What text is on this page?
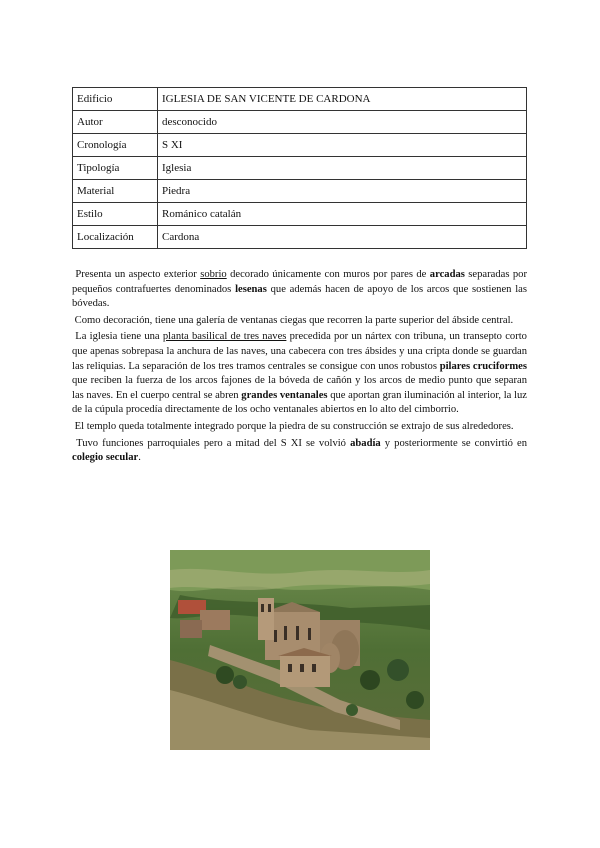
Edificio	IGLESIA DE SAN VICENTE DE CARDONA
Autor	desconocido
Cronología	S XI
Tipología	Iglesia
Material	Piedra
Estilo	Románico catalán
Localización	Cardona

Presenta un aspecto exterior sobrio decorado únicamente con muros por pares de arcadas separadas por pequeños contrafuertes denominados lesenas que además hacen de apoyo de los arcos que sostienen las bóvedas.

Como decoración, tiene una galería de ventanas ciegas que recorren la parte superior del ábside central.

La iglesia tiene una planta basilical de tres naves precedida por un nártex con tribuna, un transepto corto que apenas sobrepasa la anchura de las naves, una cabecera con tres ábsides y una cripta donde se guardan las reliquias. La separación de los tres tramos centrales se consigue con unos robustos pilares cruciformes que reciben la fuerza de los arcos fajones de la bóveda de cañón y los arcos de medio punto que separan las naves. En el cuerpo central se abren grandes ventanales que aportan gran iluminación al interior, la luz de la cúpula procedía directamente de los ocho ventanales abiertos en lo alto del cimborrio.

El templo queda totalmente integrado porque la piedra de su construcción se extrajo de sus alrededores.

Tuvo funciones parroquiales pero a mitad del S XI se volvió abadía y posteriormente se convirtió en colegio secular.
